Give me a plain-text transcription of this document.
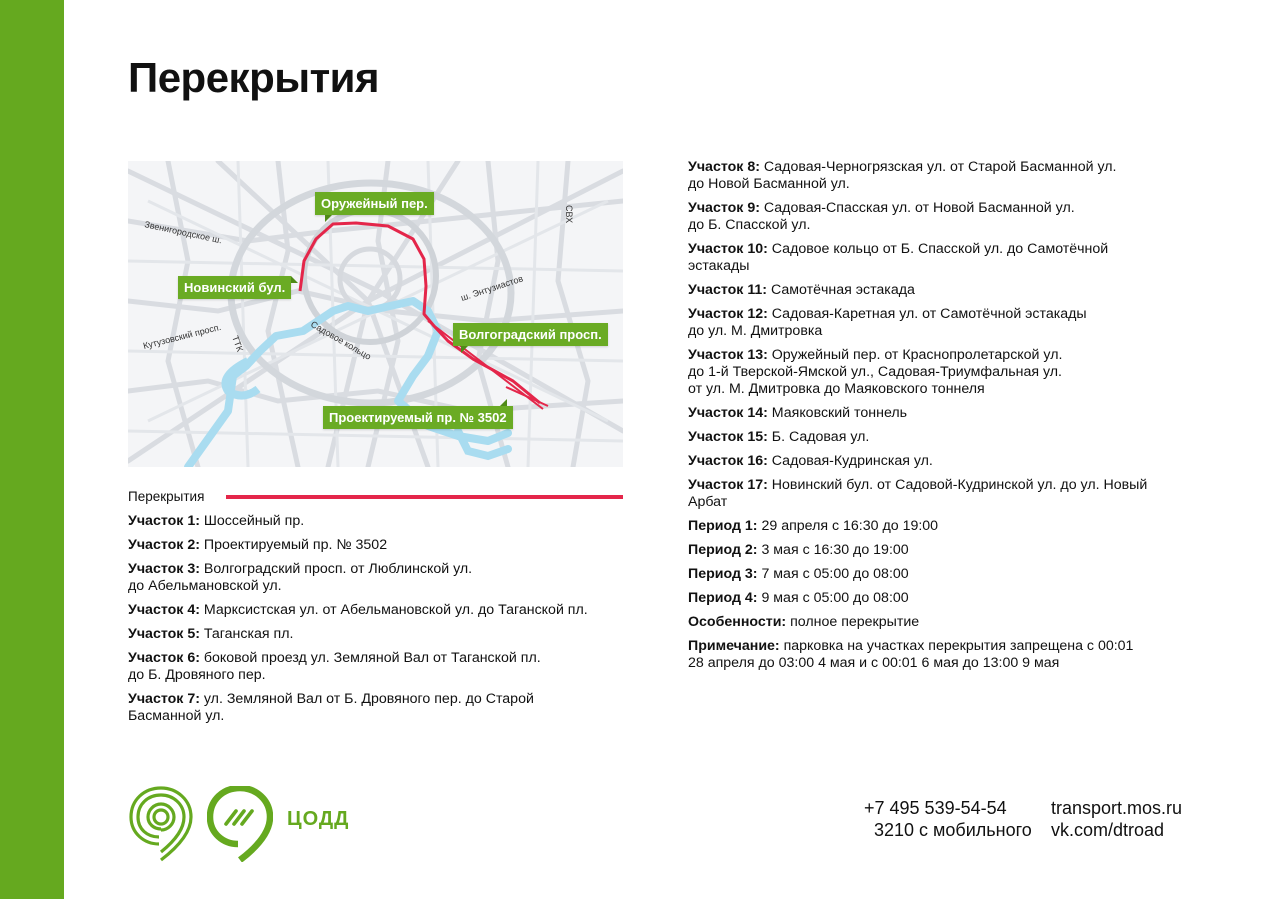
Перекрытия
Звенигородское ш.
Кутузовский просп. ТТК	Садовое кольцо
ш. Энтузиастов
СВХ
Оружейный пер.
Новинский бул.
Волгоградский просп.
Проектируемый пр. № 3502
Перекрытия

Участок 1: Шоссейный пр.

Участок 2: Проектируемый пр. № 3502

Участок 3: Волгоградский просп. от Люблинской ул.
до Абельмановской ул.

Участок 4: Марксистская ул. от Абельмановской ул. до Таганской пл.

Участок 5: Таганская пл.

Участок 6: боковой проезд ул. Земляной Вал от Таганской пл.
до Б. Дровяного пер.

Участок 7: ул. Земляной Вал от Б. Дровяного пер. до Старой
Басманной ул.

Участок 8: Садовая-Черногрязская ул. от Старой Басманной ул.
до Новой Басманной ул.

Участок 9: Садовая-Спасская ул. от Новой Басманной ул.
до Б. Спасской ул.

Участок 10: Садовое кольцо от Б. Спасской ул. до Самотёчной
эстакады

Участок 11: Самотёчная эстакада

Участок 12: Садовая-Каретная ул. от Самотёчной эстакады
до ул. М. Дмитровка

Участок 13: Оружейный пер. от Краснопролетарской ул.
до 1-й Тверской-Ямской ул., Садовая-Триумфальная ул.
от ул. М. Дмитровка до Маяковского тоннеля

Участок 14: Маяковский тоннель

Участок 15: Б. Садовая ул.

Участок 16: Садовая-Кудринская ул.

Участок 17: Новинский бул. от Садовой-Кудринской ул. до ул. Новый
Арбат

Период 1: 29 апреля с 16:30 до 19:00

Период 2: 3 мая с 16:30 до 19:00

Период 3: 7 мая с 05:00 до 08:00

Период 4: 9 мая с 05:00 до 08:00

Особенности: полное перекрытие

Примечание: парковка на участках перекрытия запрещена с 00:01
28 апреля до 03:00 4 мая и с 00:01 6 мая до 13:00 9 мая

ЦОДД	+7 495 539-54-54
3210 с мобильного
transport.mos.ru
vk.com/dtroad
